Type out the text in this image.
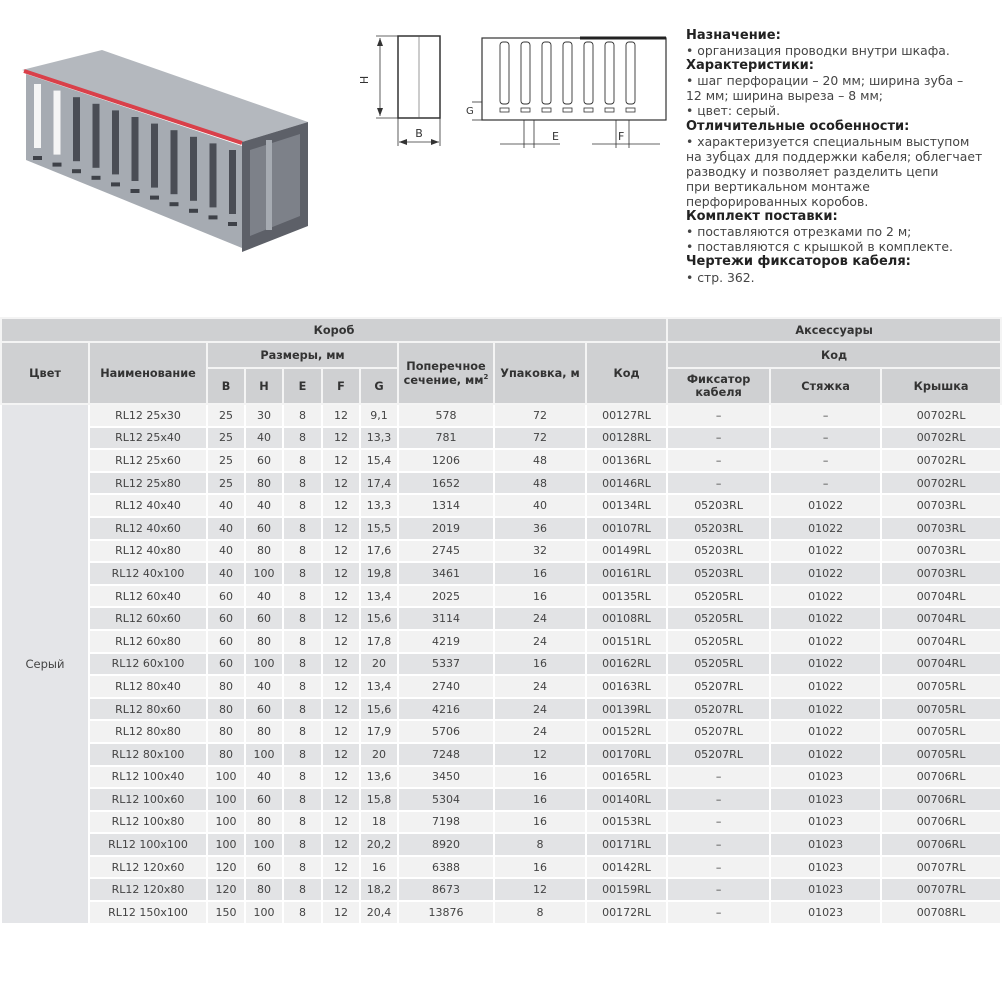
H
B
G
E	F
Назначение:
• организация проводки внутри шкафа.
Характеристики:
• шаг перфорации – 20 мм; ширина зуба –
12 мм; ширина выреза – 8 мм;
• цвет: серый.
Отличительные особенности:
• характеризуется специальным выступом
на зубцах для поддержки кабеля; облегчает
разводку и позволяет разделить цепи
при вертикальном монтаже
перфорированных коробов.
Комплект поставки:
• поставляются отрезками по 2 м;
• поставляются с крышкой в комплекте.
Чертежи фиксаторов кабеля:
• стр. 362.
Короб										Аксессуары		
Цвет	Наименование	Размеры, мм					Поперечное сечение, $мм^2$	Упаковка, м	Код	Код		
		B	H	E	F	G				Фиксатор кабеля	Стяжка	Крышка
Серый	RL12 25x30	25	30	8	12	9,1	578	72	00127RL	–	–	00702RL
	RL12 25x40	25	40	8	12	13,3	781	72	00128RL	–	–	00702RL
	RL12 25x60	25	60	8	12	15,4	1206	48	00136RL	–	–	00702RL
	RL12 25x80	25	80	8	12	17,4	1652	48	00146RL	–	–	00702RL
	RL12 40x40	40	40	8	12	13,3	1314	40	00134RL	05203RL	01022	00703RL
	RL12 40x60	40	60	8	12	15,5	2019	36	00107RL	05203RL	01022	00703RL
	RL12 40x80	40	80	8	12	17,6	2745	32	00149RL	05203RL	01022	00703RL
	RL12 40x100	40	100	8	12	19,8	3461	16	00161RL	05203RL	01022	00703RL
	RL12 60x40	60	40	8	12	13,4	2025	16	00135RL	05205RL	01022	00704RL
	RL12 60x60	60	60	8	12	15,6	3114	24	00108RL	05205RL	01022	00704RL
	RL12 60x80	60	80	8	12	17,8	4219	24	00151RL	05205RL	01022	00704RL
	RL12 60x100	60	100	8	12	20	5337	16	00162RL	05205RL	01022	00704RL
	RL12 80x40	80	40	8	12	13,4	2740	24	00163RL	05207RL	01022	00705RL
	RL12 80x60	80	60	8	12	15,6	4216	24	00139RL	05207RL	01022	00705RL
	RL12 80x80	80	80	8	12	17,9	5706	24	00152RL	05207RL	01022	00705RL
	RL12 80x100	80	100	8	12	20	7248	12	00170RL	05207RL	01022	00705RL
	RL12 100x40	100	40	8	12	13,6	3450	16	00165RL	–	01023	00706RL
	RL12 100x60	100	60	8	12	15,8	5304	16	00140RL	–	01023	00706RL
	RL12 100x80	100	80	8	12	18	7198	16	00153RL	–	01023	00706RL
	RL12 100x100	100	100	8	12	20,2	8920	8	00171RL	–	01023	00706RL
	RL12 120x60	120	60	8	12	16	6388	16	00142RL	–	01023	00707RL
	RL12 120x80	120	80	8	12	18,2	8673	12	00159RL	–	01023	00707RL
	RL12 150x100	150	100	8	12	20,4	13876	8	00172RL	–	01023	00708RL
